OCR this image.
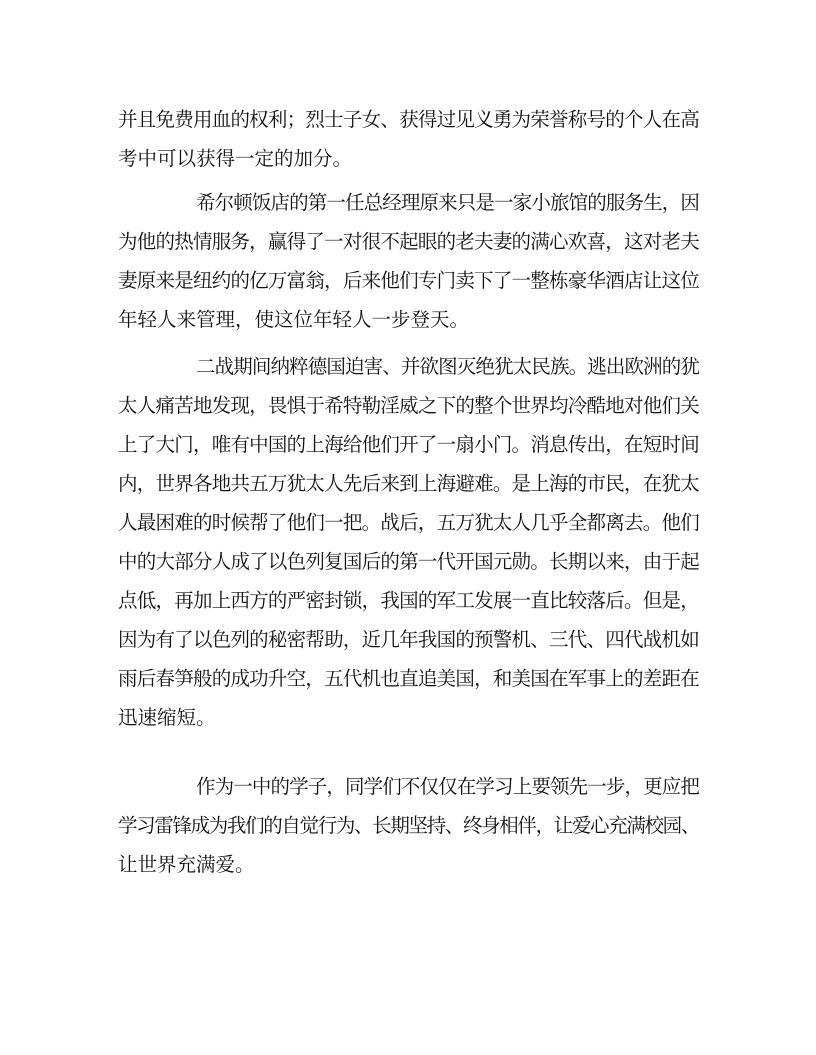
并且免费用血的权利；烈士子女、获得过见义勇为荣誉称号的个人在高
考中可以获得一定的加分。
希尔顿饭店的第一任总经理原来只是一家小旅馆的服务生，因
为他的热情服务，赢得了一对很不起眼的老夫妻的满心欢喜，这对老夫
妻原来是纽约的亿万富翁，后来他们专门卖下了一整栋豪华酒店让这位
年轻人来管理，使这位年轻人一步登天。
二战期间纳粹德国迫害、并欲图灭绝犹太民族。逃出欧洲的犹
太人痛苦地发现，畏惧于希特勒淫威之下的整个世界均冷酷地对他们关
上了大门，唯有中国的上海给他们开了一扇小门。消息传出，在短时间
内，世界各地共五万犹太人先后来到上海避难。是上海的市民，在犹太
人最困难的时候帮了他们一把。战后，五万犹太人几乎全都离去。他们
中的大部分人成了以色列复国后的第一代开国元勋。长期以来，由于起
点低，再加上西方的严密封锁，我国的军工发展一直比较落后。但是，
因为有了以色列的秘密帮助，近几年我国的预警机、三代、四代战机如
雨后春笋般的成功升空，五代机也直追美国，和美国在军事上的差距在
迅速缩短。
作为一中的学子，同学们不仅仅在学习上要领先一步，更应把
学习雷锋成为我们的自觉行为、长期坚持、终身相伴，让爱心充满校园、
让世界充满爱。
